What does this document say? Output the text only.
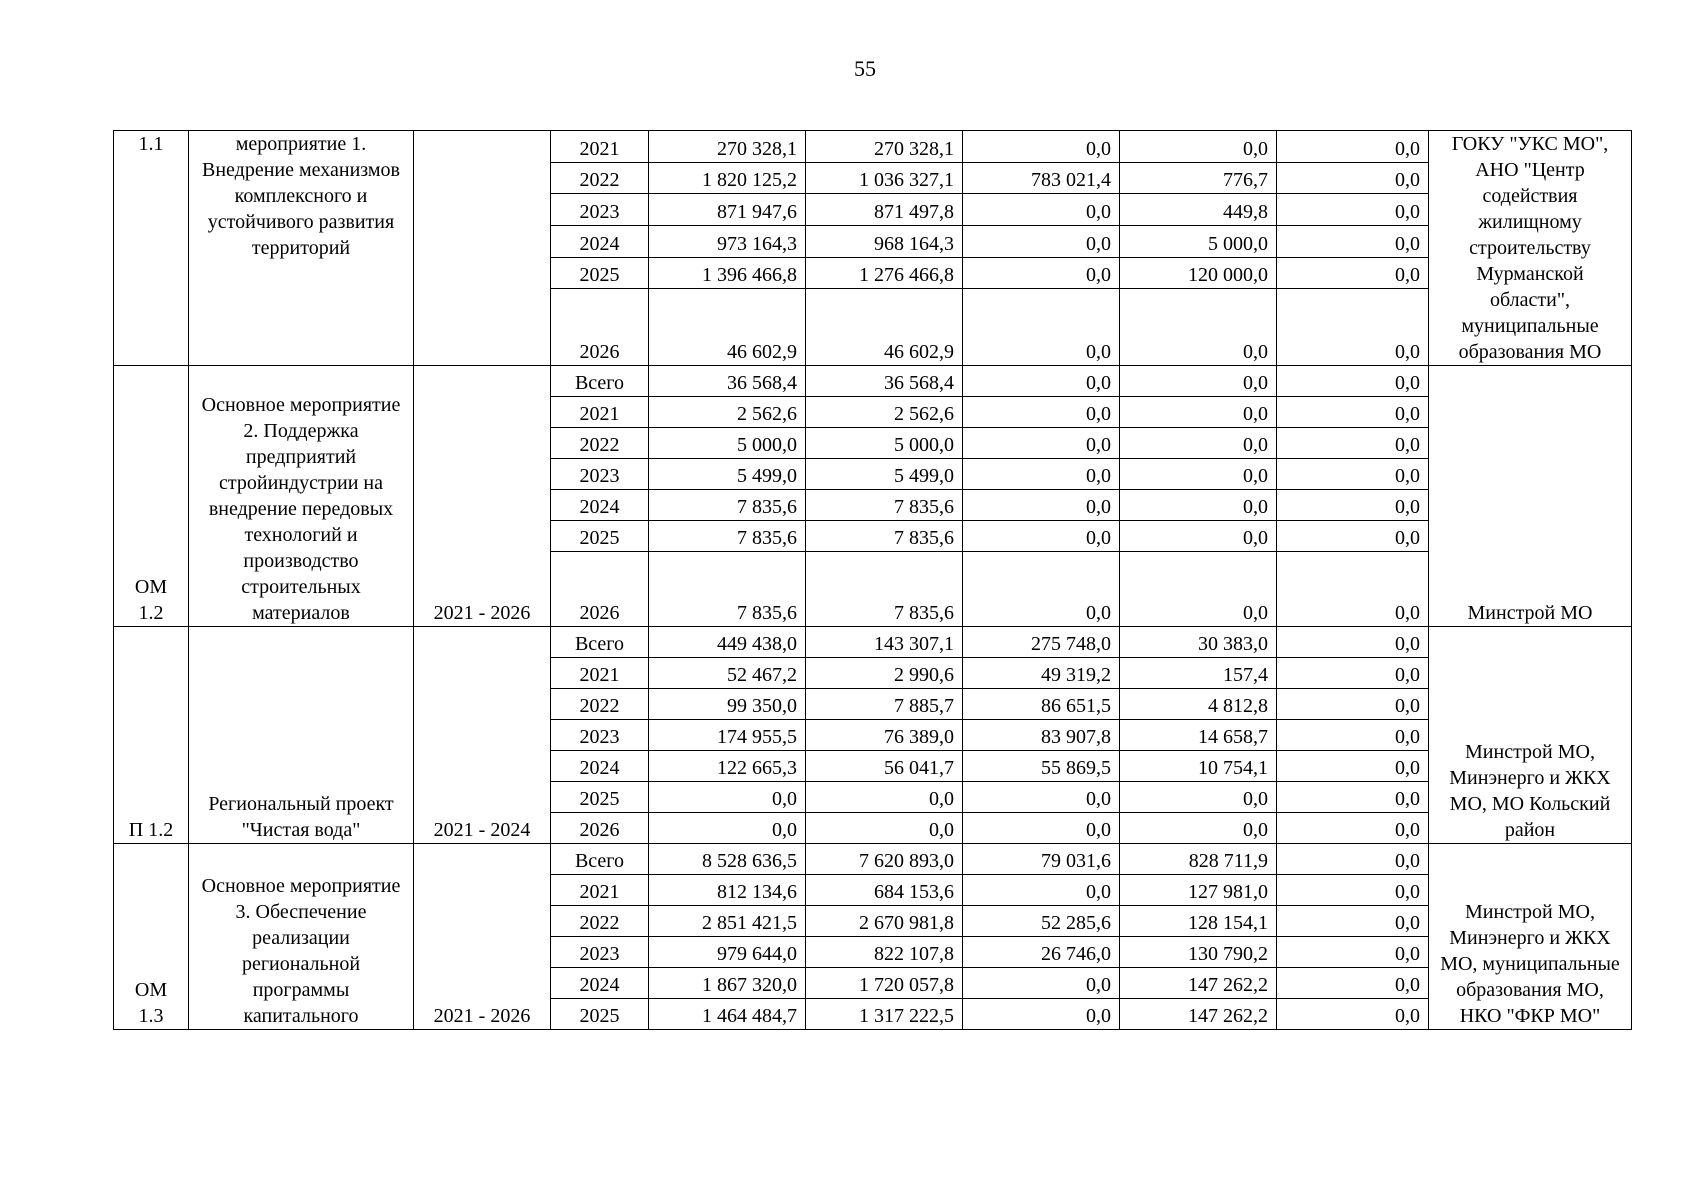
55
1.1	мероприятие 1. Внедрение механизмов комплексного и устойчивого развития территорий		2021	270 328,1	270 328,1	0,0	0,0	0,0	ГОКУ "УКС МО", АНО "Центр содействия жилищному строительству Мурманской области", муниципальные образования МО
			2022	1 820 125,2	1 036 327,1	783 021,4	776,7	0,0	
			2023	871 947,6	871 497,8	0,0	449,8	0,0	
			2024	973 164,3	968 164,3	0,0	5 000,0	0,0	
			2025	1 396 466,8	1 276 466,8	0,0	120 000,0	0,0	
			2026	46 602,9	46 602,9	0,0	0,0	0,0	
ОМ 1.2	Основное мероприятие 2. Поддержка предприятий стройиндустрии на внедрение передовых технологий и производство строительных материалов	2021 - 2026	Всего	36 568,4	36 568,4	0,0	0,0	0,0	Минстрой МО
			2021	2 562,6	2 562,6	0,0	0,0	0,0	
			2022	5 000,0	5 000,0	0,0	0,0	0,0	
			2023	5 499,0	5 499,0	0,0	0,0	0,0	
			2024	7 835,6	7 835,6	0,0	0,0	0,0	
			2025	7 835,6	7 835,6	0,0	0,0	0,0	
			2026	7 835,6	7 835,6	0,0	0,0	0,0	
П 1.2	Региональный проект "Чистая вода"	2021 - 2024	Всего	449 438,0	143 307,1	275 748,0	30 383,0	0,0	Минстрой МО, Минэнерго и ЖКХ МО, МО Кольский район
			2021	52 467,2	2 990,6	49 319,2	157,4	0,0	
			2022	99 350,0	7 885,7	86 651,5	4 812,8	0,0	
			2023	174 955,5	76 389,0	83 907,8	14 658,7	0,0	
			2024	122 665,3	56 041,7	55 869,5	10 754,1	0,0	
			2025	0,0	0,0	0,0	0,0	0,0	
			2026	0,0	0,0	0,0	0,0	0,0	
ОМ 1.3	Основное мероприятие 3. Обеспечение реализации региональной программы капитального	2021 - 2026	Всего	8 528 636,5	7 620 893,0	79 031,6	828 711,9	0,0	Минстрой МО, Минэнерго и ЖКХ МО, муниципальные образования МО, НКО "ФКР МО"
			2021	812 134,6	684 153,6	0,0	127 981,0	0,0	
			2022	2 851 421,5	2 670 981,8	52 285,6	128 154,1	0,0	
			2023	979 644,0	822 107,8	26 746,0	130 790,2	0,0	
			2024	1 867 320,0	1 720 057,8	0,0	147 262,2	0,0	
			2025	1 464 484,7	1 317 222,5	0,0	147 262,2	0,0	
